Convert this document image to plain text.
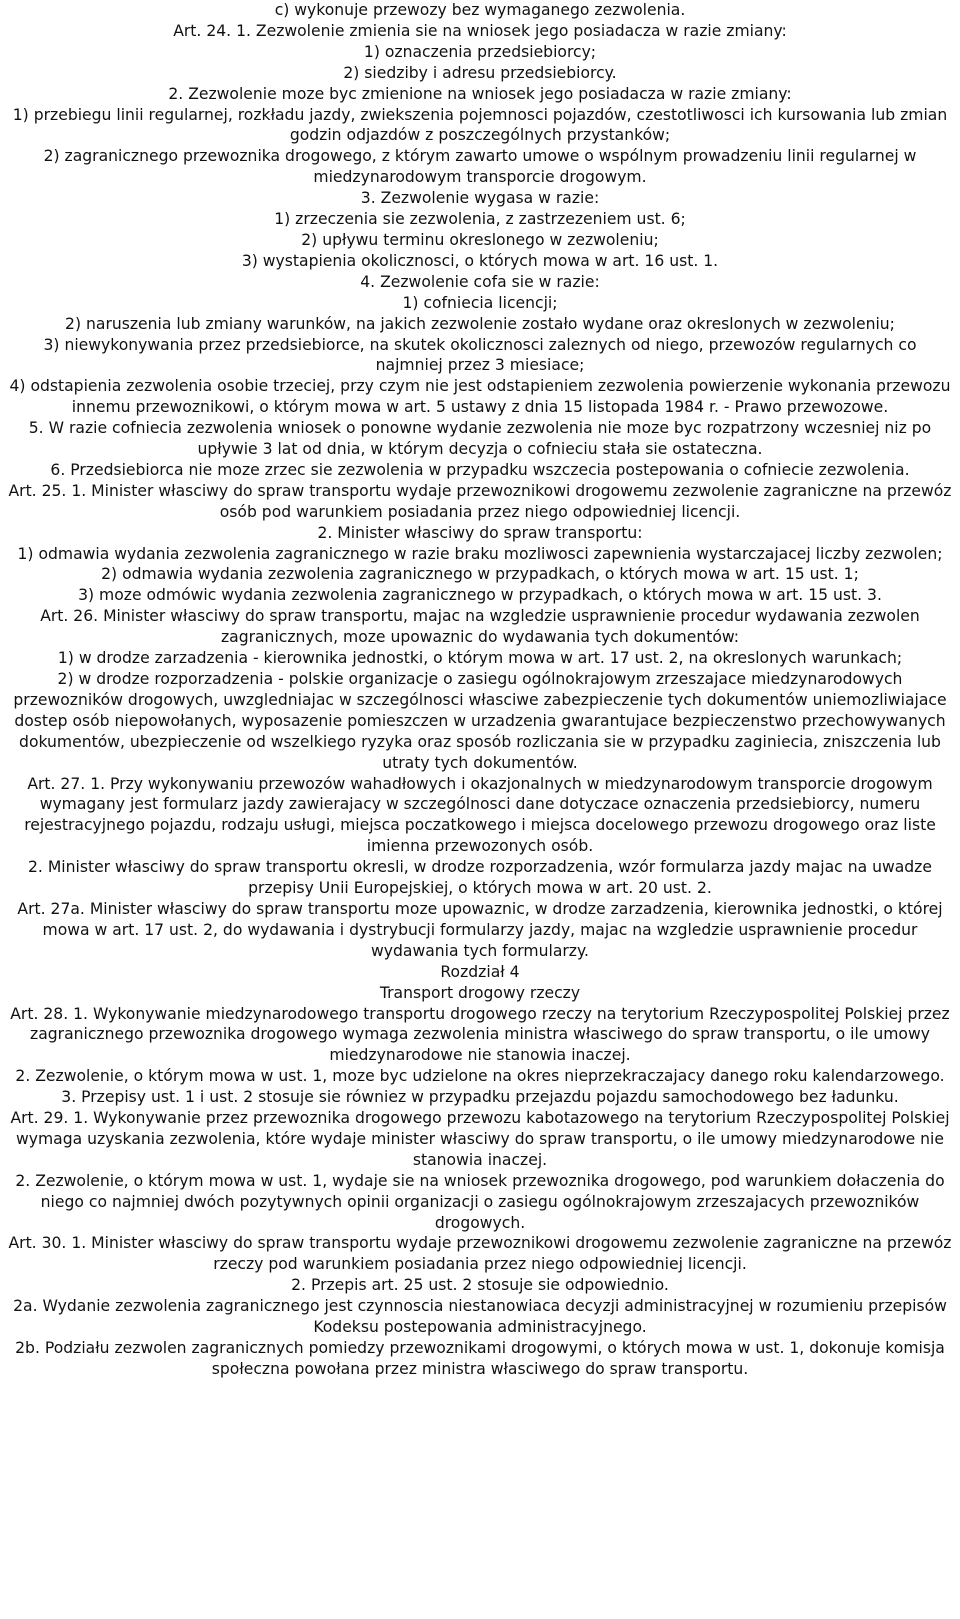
c) wykonuje przewozy bez wymaganego zezwolenia.

Art. 24. 1. Zezwolenie zmienia sie na wniosek jego posiadacza w razie zmiany:

1) oznaczenia przedsiebiorcy;

2) siedziby i adresu przedsiebiorcy.

2. Zezwolenie moze byc zmienione na wniosek jego posiadacza w razie zmiany:

1) przebiegu linii regularnej, rozkładu jazdy, zwiekszenia pojemnosci pojazdów, czestotliwosci ich kursowania lub zmian godzin odjazdów z poszczególnych przystanków;

2) zagranicznego przewoznika drogowego, z którym zawarto umowe o wspólnym prowadzeniu linii regularnej w miedzynarodowym transporcie drogowym.

3. Zezwolenie wygasa w razie:

1) zrzeczenia sie zezwolenia, z zastrzezeniem ust. 6;

2) upływu terminu okreslonego w zezwoleniu;

3) wystapienia okolicznosci, o których mowa w art. 16 ust. 1.

4. Zezwolenie cofa sie w razie:

1) cofniecia licencji;

2) naruszenia lub zmiany warunków, na jakich zezwolenie zostało wydane oraz okreslonych w zezwoleniu;

3) niewykonywania przez przedsiebiorce, na skutek okolicznosci zaleznych od niego, przewozów regularnych co najmniej przez 3 miesiace;

4) odstapienia zezwolenia osobie trzeciej, przy czym nie jest odstapieniem zezwolenia powierzenie wykonania przewozu innemu przewoznikowi, o którym mowa w art. 5 ustawy z dnia 15 listopada 1984 r. - Prawo przewozowe.

5. W razie cofniecia zezwolenia wniosek o ponowne wydanie zezwolenia nie moze byc rozpatrzony wczesniej niz po upływie 3 lat od dnia, w którym decyzja o cofnieciu stała sie ostateczna.

6. Przedsiebiorca nie moze zrzec sie zezwolenia w przypadku wszczecia postepowania o cofniecie zezwolenia.

Art. 25. 1. Minister własciwy do spraw transportu wydaje przewoznikowi drogowemu zezwolenie zagraniczne na przewóz osób pod warunkiem posiadania przez niego odpowiedniej licencji.

2. Minister własciwy do spraw transportu:

1) odmawia wydania zezwolenia zagranicznego w razie braku mozliwosci zapewnienia wystarczajacej liczby zezwolen;

2) odmawia wydania zezwolenia zagranicznego w przypadkach, o których mowa w art. 15 ust. 1;

3) moze odmówic wydania zezwolenia zagranicznego w przypadkach, o których mowa w art. 15 ust. 3.

Art. 26. Minister własciwy do spraw transportu, majac na wzgledzie usprawnienie procedur wydawania zezwolen zagranicznych, moze upowaznic do wydawania tych dokumentów:

1) w drodze zarzadzenia - kierownika jednostki, o którym mowa w art. 17 ust. 2, na okreslonych warunkach;

2) w drodze rozporzadzenia - polskie organizacje o zasiegu ogólnokrajowym zrzeszajace miedzynarodowych przewozników drogowych, uwzgledniajac w szczególnosci własciwe zabezpieczenie tych dokumentów uniemozliwiajace dostep osób niepowołanych, wyposazenie pomieszczen w urzadzenia gwarantujace bezpieczenstwo przechowywanych dokumentów, ubezpieczenie od wszelkiego ryzyka oraz sposób rozliczania sie w przypadku zaginiecia, zniszczenia lub utraty tych dokumentów.

Art. 27. 1. Przy wykonywaniu przewozów wahadłowych i okazjonalnych w miedzynarodowym transporcie drogowym wymagany jest formularz jazdy zawierajacy w szczególnosci dane dotyczace oznaczenia przedsiebiorcy, numeru rejestracyjnego pojazdu, rodzaju usługi, miejsca poczatkowego i miejsca docelowego przewozu drogowego oraz liste imienna przewozonych osób.

2. Minister własciwy do spraw transportu okresli, w drodze rozporzadzenia, wzór formularza jazdy majac na uwadze przepisy Unii Europejskiej, o których mowa w art. 20 ust. 2.

Art. 27a. Minister własciwy do spraw transportu moze upowaznic, w drodze zarzadzenia, kierownika jednostki, o której mowa w art. 17 ust. 2, do wydawania i dystrybucji formularzy jazdy, majac na wzgledzie usprawnienie procedur wydawania tych formularzy.

Rozdział 4

Transport drogowy rzeczy

Art. 28. 1. Wykonywanie miedzynarodowego transportu drogowego rzeczy na terytorium Rzeczypospolitej Polskiej przez zagranicznego przewoznika drogowego wymaga zezwolenia ministra własciwego do spraw transportu, o ile umowy miedzynarodowe nie stanowia inaczej.

2. Zezwolenie, o którym mowa w ust. 1, moze byc udzielone na okres nieprzekraczajacy danego roku kalendarzowego.

3. Przepisy ust. 1 i ust. 2 stosuje sie równiez w przypadku przejazdu pojazdu samochodowego bez ładunku.

Art. 29. 1. Wykonywanie przez przewoznika drogowego przewozu kabotazowego na terytorium Rzeczypospolitej Polskiej wymaga uzyskania zezwolenia, które wydaje minister własciwy do spraw transportu, o ile umowy miedzynarodowe nie stanowia inaczej.

2. Zezwolenie, o którym mowa w ust. 1, wydaje sie na wniosek przewoznika drogowego, pod warunkiem dołaczenia do niego co najmniej dwóch pozytywnych opinii organizacji o zasiegu ogólnokrajowym zrzeszajacych przewozników drogowych.

Art. 30. 1. Minister własciwy do spraw transportu wydaje przewoznikowi drogowemu zezwolenie zagraniczne na przewóz rzeczy pod warunkiem posiadania przez niego odpowiedniej licencji.

2. Przepis art. 25 ust. 2 stosuje sie odpowiednio.

2a. Wydanie zezwolenia zagranicznego jest czynnoscia niestanowiaca decyzji administracyjnej w rozumieniu przepisów Kodeksu postepowania administracyjnego.

2b. Podziału zezwolen zagranicznych pomiedzy przewoznikami drogowymi, o których mowa w ust. 1, dokonuje komisja społeczna powołana przez ministra własciwego do spraw transportu.
